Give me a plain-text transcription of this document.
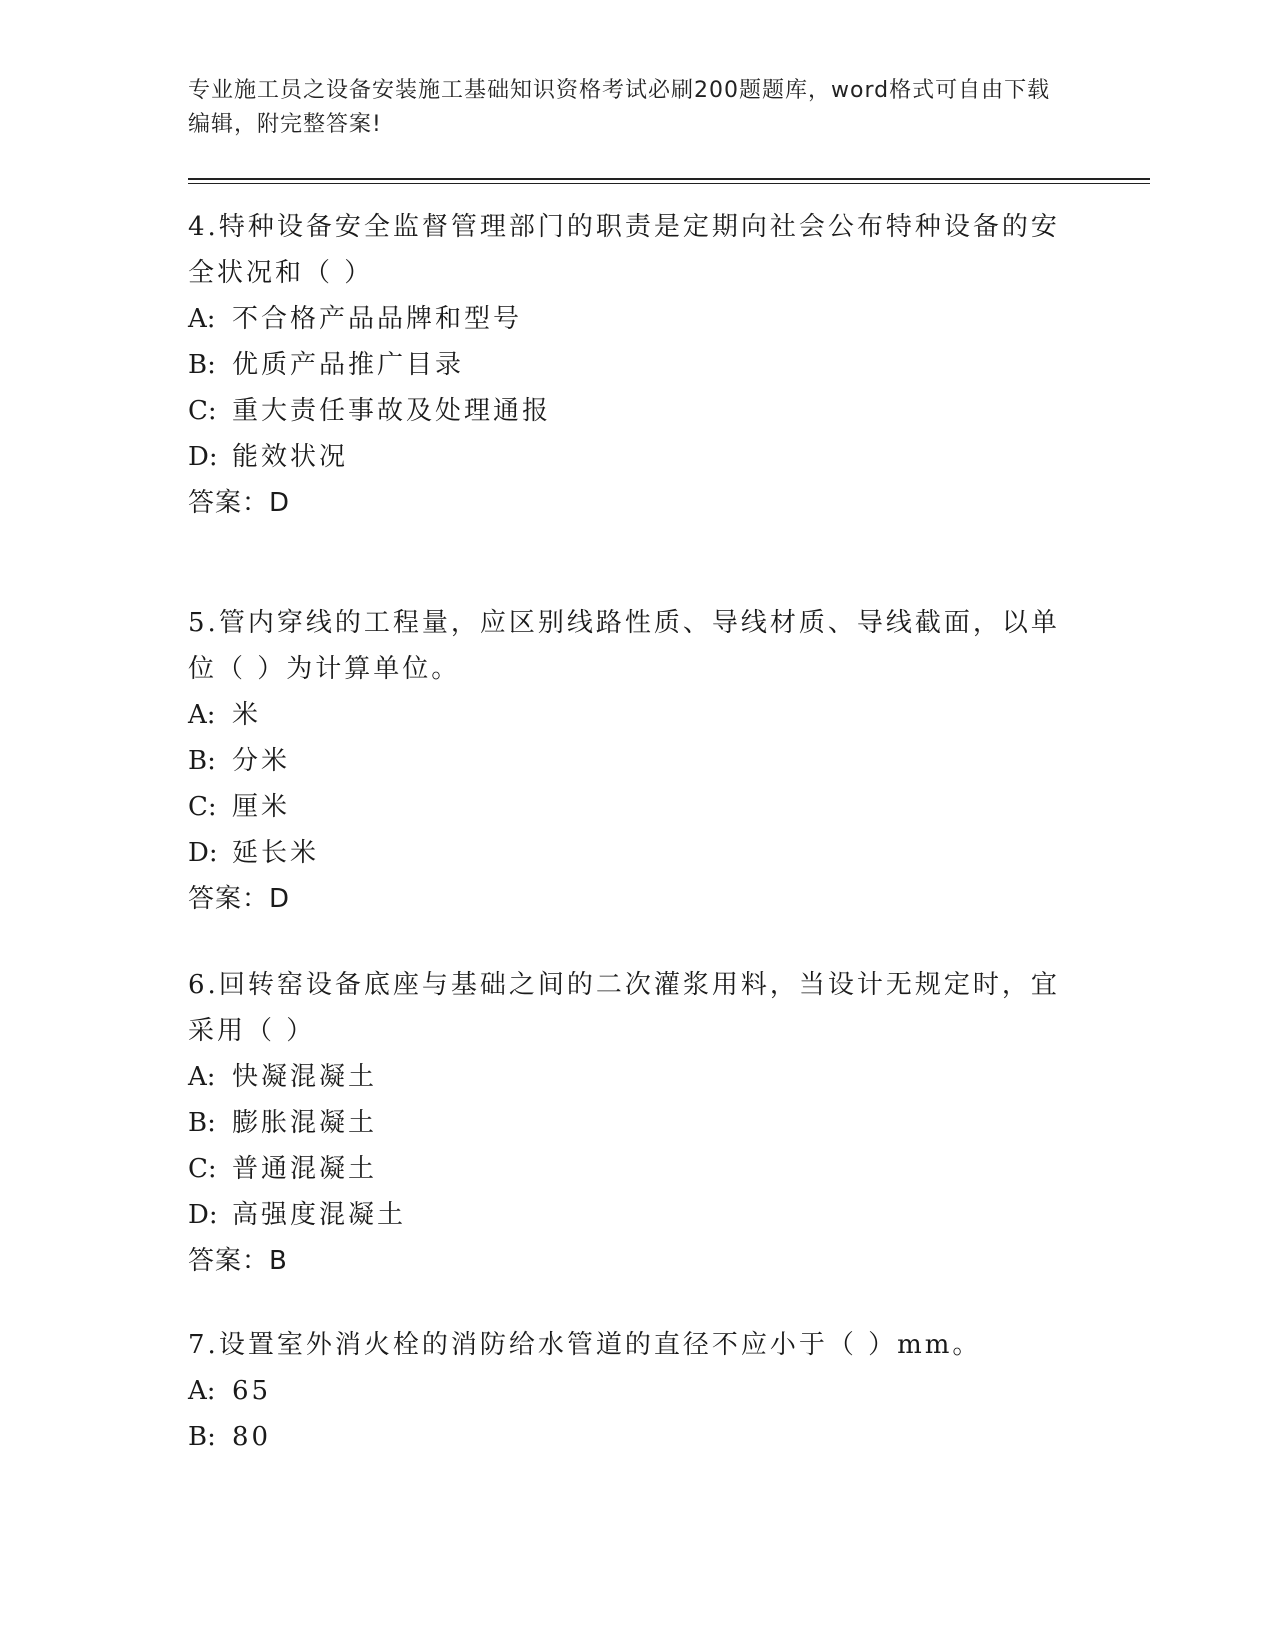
专业施工员之设备安装施工基础知识资格考试必刷200题题库，word格式可自由下载编辑，附完整答案!

4.特种设备安全监督管理部门的职责是定期向社会公布特种设备的安全状况和（ ）

A: 不合格产品品牌和型号

B: 优质产品推广目录

C: 重大责任事故及处理通报

D: 能效状况

答案：D

5.管内穿线的工程量，应区别线路性质、导线材质、导线截面，以单位（ ）为计算单位。

A: 米

B: 分米

C: 厘米

D: 延长米

答案：D

6.回转窑设备底座与基础之间的二次灌浆用料，当设计无规定时，宜采用（ ）

A: 快凝混凝土

B: 膨胀混凝土

C: 普通混凝土

D: 高强度混凝土

答案：B

7.设置室外消火栓的消防给水管道的直径不应小于（ ）mm。

A: 65

B: 80
